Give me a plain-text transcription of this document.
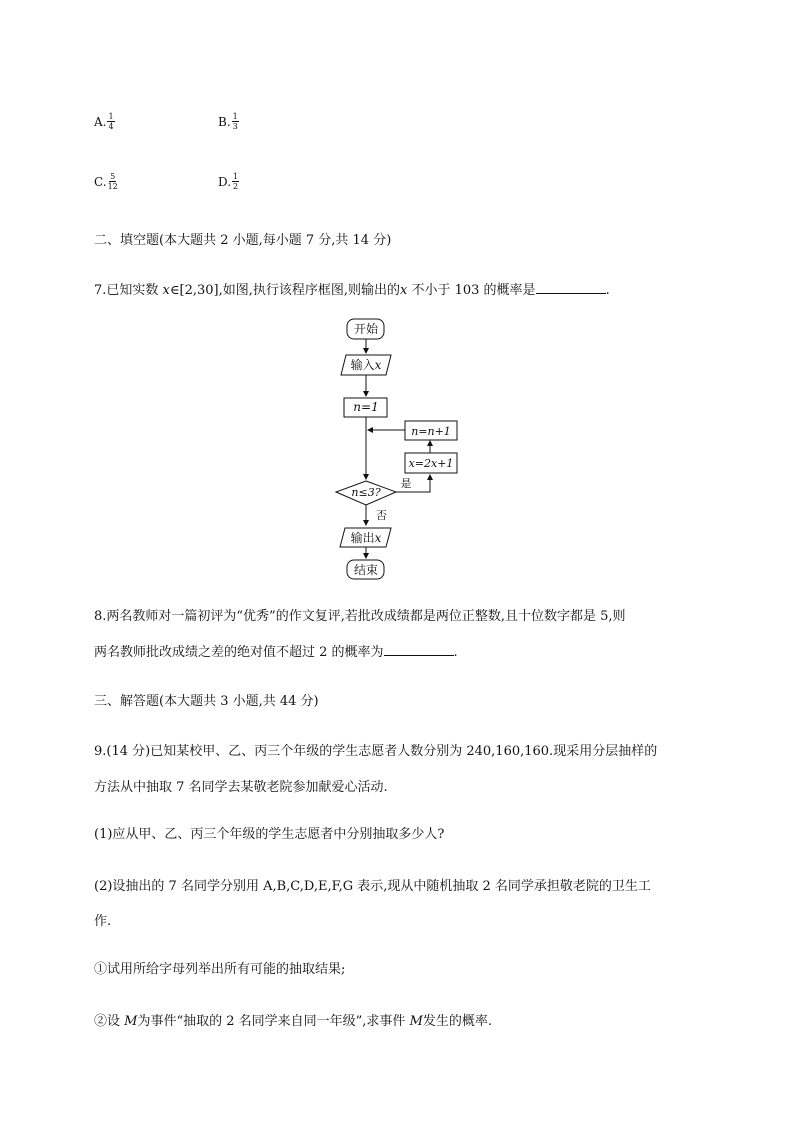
A. $\frac{1}{4}$	B. $\frac{1}{3}$
C. $\frac{5}{12}$	D. $\frac{1}{2}$
二、填空题(本大题共 2 小题,每小题 7 分,共 14 分)
7.已知实数 x∈[2,30],如图,执行该程序框图,则输出的x 不小于 103 的概率是	.
开始
输入x
n=1
n=n+1
x=2x+1
n≤3?
是
否
输出x
结束
8.两名教师对一篇初评为“优秀”的作文复评,若批改成绩都是两位正整数,且十位数字都是 5,则
两名教师批改成绩之差的绝对值不超过 2 的概率为	.
三、解答题(本大题共 3 小题,共 44 分)
9.(14 分)已知某校甲、乙、丙三个年级的学生志愿者人数分别为 240,160,160.现采用分层抽样的
方法从中抽取 7 名同学去某敬老院参加献爱心活动.
(1)应从甲、乙、丙三个年级的学生志愿者中分别抽取多少人?
(2)设抽出的 7 名同学分别用 A,B,C,D,E,F,G 表示,现从中随机抽取 2 名同学承担敬老院的卫生工
作.
①试用所给字母列举出所有可能的抽取结果;
②设 M为事件“抽取的 2 名同学来自同一年级”,求事件 M发生的概率.
